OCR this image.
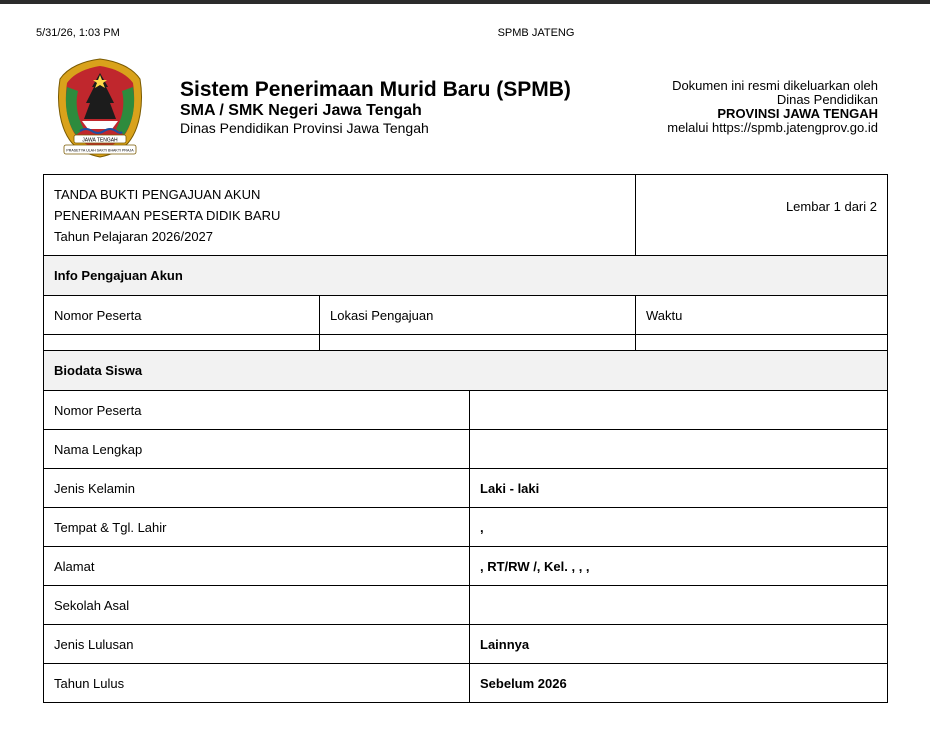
5/31/26, 1:03 PM	SPMB JATENG
JAWA TENGAH
PRASETYA ULAH SAKTI BHAKTI PRAJA
Sistem Penerimaan Murid Baru (SPMB)
SMA / SMK Negeri Jawa Tengah
Dinas Pendidikan Provinsi Jawa Tengah
Dokumen ini resmi dikeluarkan oleh
Dinas Pendidikan
PROVINSI JAWA TENGAH
melalui https://spmb.jatengprov.go.id
TANDA BUKTI PENGAJUAN AKUN
PENERIMAAN PESERTA DIDIK BARU
Tahun Pelajaran 2026/2027			Lembar 1 dari 2
Info Pengajuan Akun			
Nomor Peserta	Lokasi Pengajuan		Waktu

Biodata Siswa			
Nomor Peserta			
Nama Lengkap			
Jenis Kelamin		Laki - laki	
Tempat & Tgl. Lahir		,	
Alamat		, RT/RW /, Kel. , , ,	
Sekolah Asal			
Jenis Lulusan		Lainnya	
Tahun Lulus		Sebelum 2026	
